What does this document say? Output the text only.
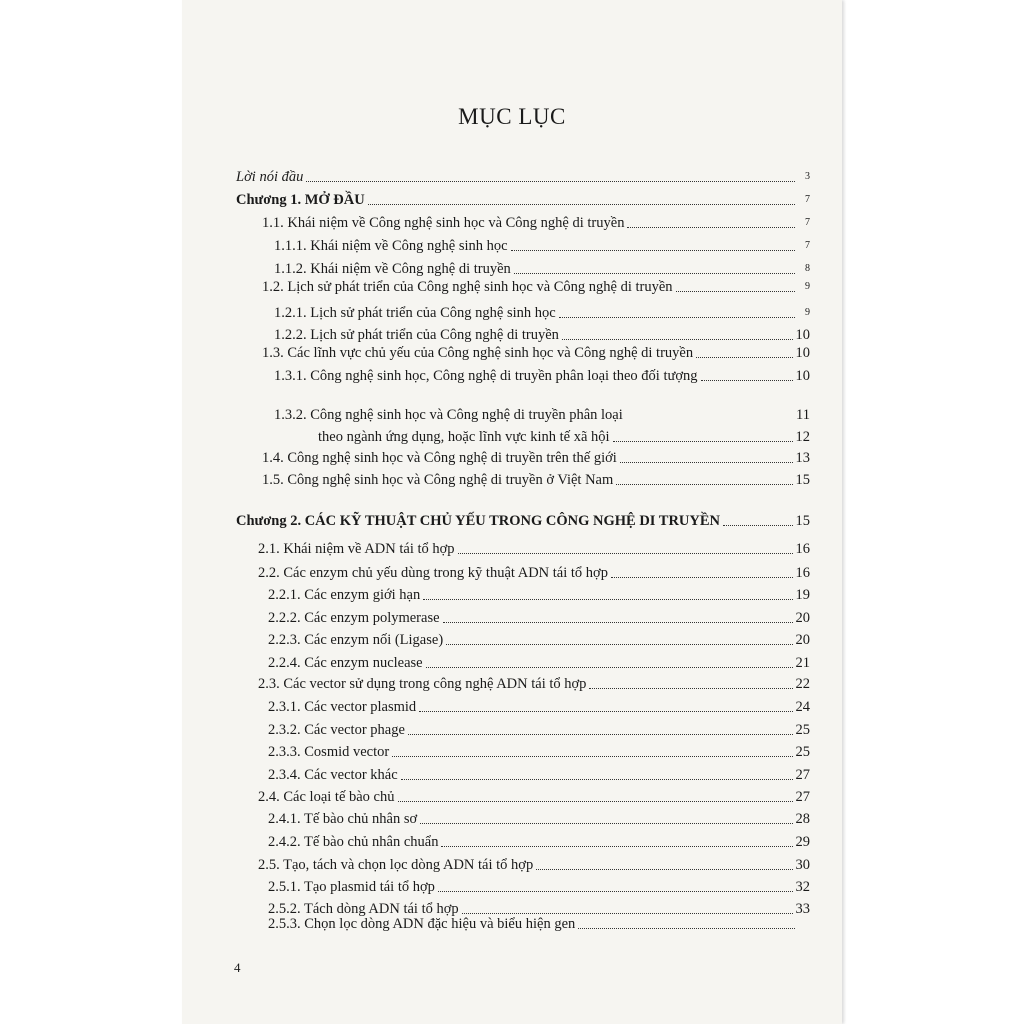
MỤC LỤC
Lời nói đầu	3
Chương 1. MỞ ĐẦU	7
1.1. Khái niệm về Công nghệ sinh học và Công nghệ di truyền	7
1.1.1. Khái niệm về Công nghệ sinh học	7
1.1.2. Khái niệm về Công nghệ di truyền	8
1.2. Lịch sử phát triển của Công nghệ sinh học và Công nghệ di truyền	9
1.2.1. Lịch sử phát triển của Công nghệ sinh học	9
1.2.2. Lịch sử phát triển của Công nghệ di truyền	10
1.3. Các lĩnh vực chủ yếu của Công nghệ sinh học và Công nghệ di truyền	10
1.3.1. Công nghệ sinh học, Công nghệ di truyền phân loại theo đối tượng	10
1.3.2. Công nghệ sinh học và Công nghệ di truyền phân loại	11
theo ngành ứng dụng, hoặc lĩnh vực kinh tế xã hội	12
1.4. Công nghệ sinh học và Công nghệ di truyền trên thế giới	13
1.5. Công nghệ sinh học và Công nghệ di truyền ở Việt Nam	15
Chương 2. CÁC KỸ THUẬT CHỦ YẾU TRONG CÔNG NGHỆ DI TRUYỀN	15
2.1. Khái niệm về ADN tái tổ hợp	16
2.2. Các enzym chủ yếu dùng trong kỹ thuật ADN tái tổ hợp	16
2.2.1. Các enzym giới hạn	19
2.2.2. Các enzym polymerase	20
2.2.3. Các enzym nối (Ligase)	20
2.2.4. Các enzym nuclease	21
2.3. Các vector sử dụng trong công nghệ ADN tái tổ hợp	22
2.3.1. Các vector plasmid	24
2.3.2. Các vector phage	25
2.3.3. Cosmid vector	25
2.3.4. Các vector khác	27
2.4. Các loại tế bào chủ	27
2.4.1. Tế bào chủ nhân sơ	28
2.4.2. Tế bào chủ nhân chuẩn	29
2.5. Tạo, tách và chọn lọc dòng ADN tái tổ hợp	30
2.5.1. Tạo plasmid tái tổ hợp	32
2.5.2. Tách dòng ADN tái tổ hợp	33
2.5.3. Chọn lọc dòng ADN đặc hiệu và biểu hiện gen
4
